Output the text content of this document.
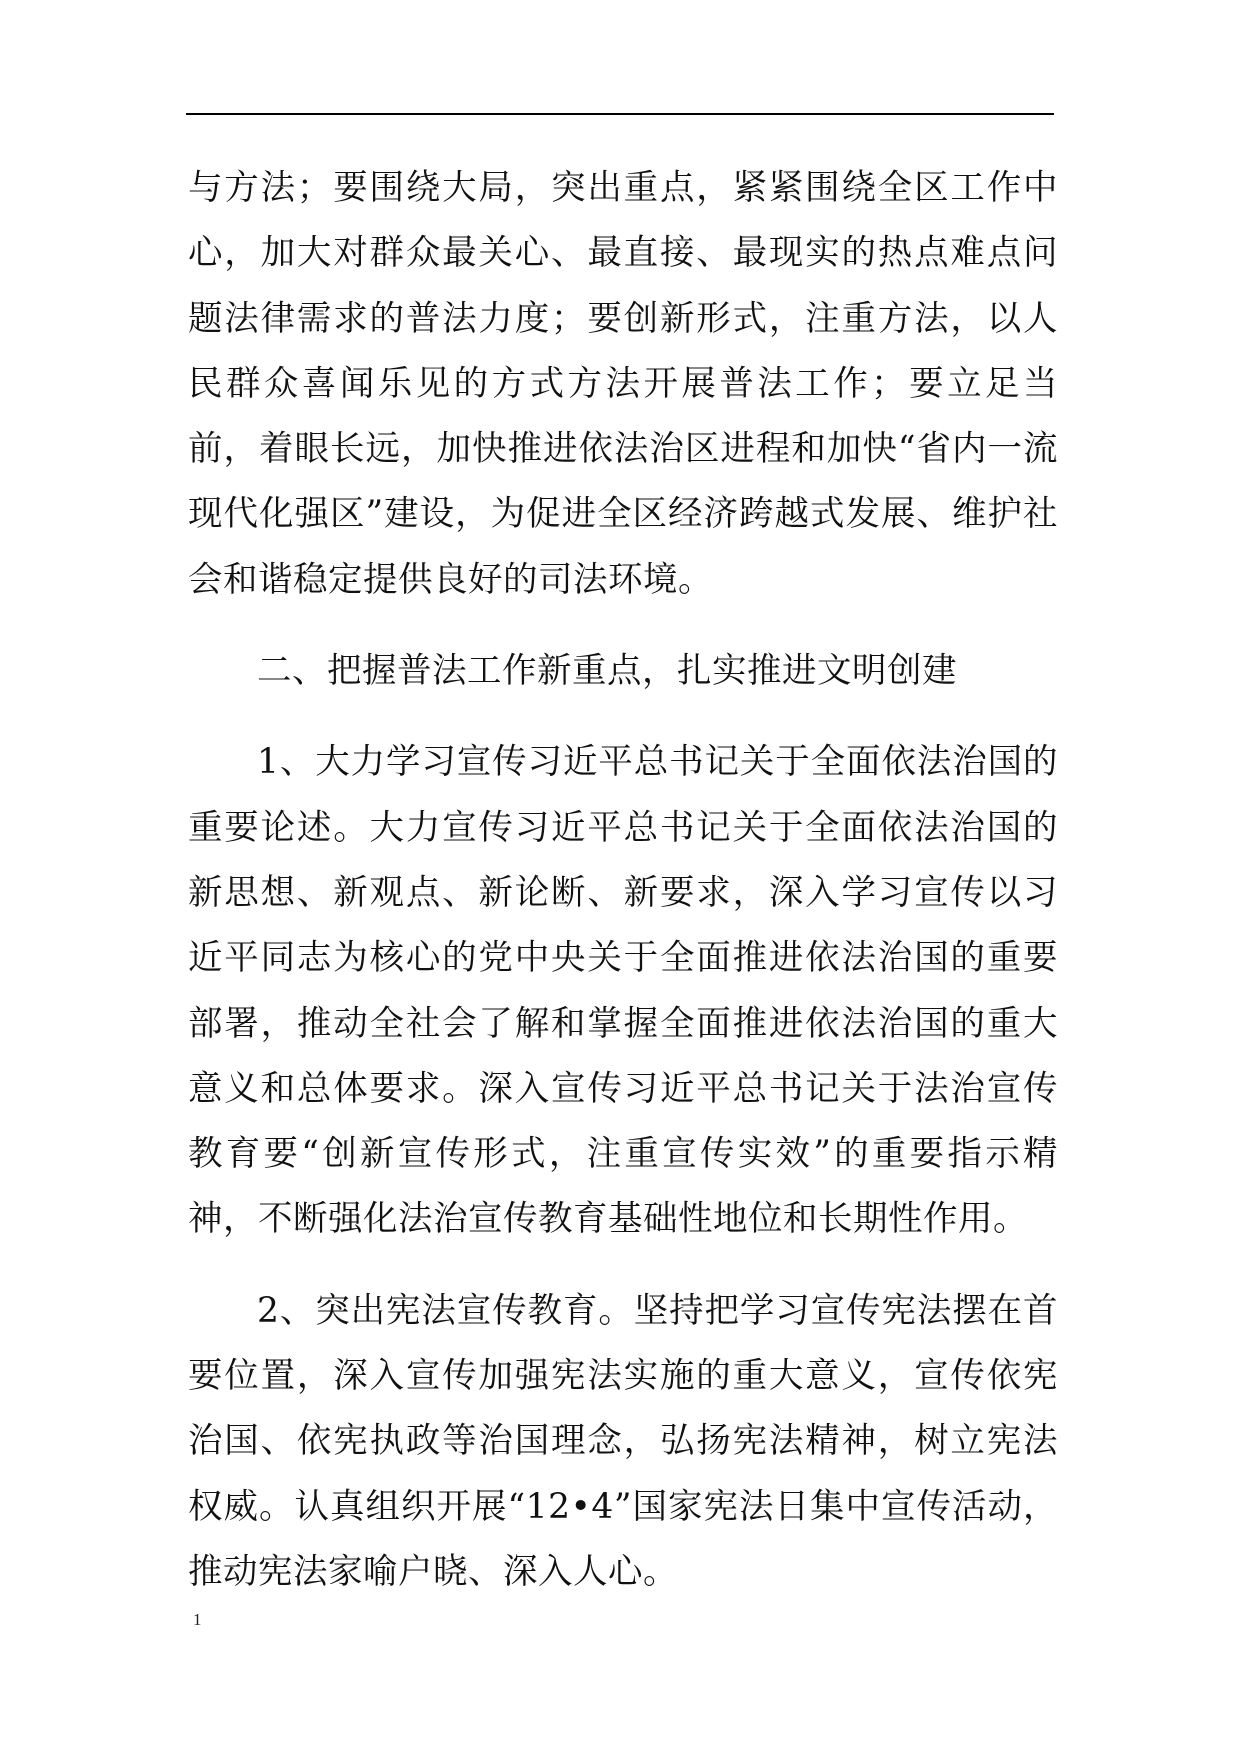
与方法；要围绕大局，突出重点，紧紧围绕全区工作中心，加大对群众最关心、最直接、最现实的热点难点问题法律需求的普法力度；要创新形式，注重方法，以人民群众喜闻乐见的方式方法开展普法工作；要立足当前，着眼长远，加快推进依法治区进程和加快“省内一流现代化强区”建设，为促进全区经济跨越式发展、维护社会和谐稳定提供良好的司法环境。

二、把握普法工作新重点，扎实推进文明创建

1、大力学习宣传习近平总书记关于全面依法治国的重要论述。大力宣传习近平总书记关于全面依法治国的新思想、新观点、新论断、新要求，深入学习宣传以习近平同志为核心的党中央关于全面推进依法治国的重要部署，推动全社会了解和掌握全面推进依法治国的重大意义和总体要求。深入宣传习近平总书记关于法治宣传教育要“创新宣传形式，注重宣传实效”的重要指示精神，不断强化法治宣传教育基础性地位和长期性作用。

2、突出宪法宣传教育。坚持把学习宣传宪法摆在首要位置，深入宣传加强宪法实施的重大意义，宣传依宪治国、依宪执政等治国理念，弘扬宪法精神，树立宪法权威。认真组织开展“12•4”国家宪法日集中宣传活动，推动宪法家喻户晓、深入人心。

1
